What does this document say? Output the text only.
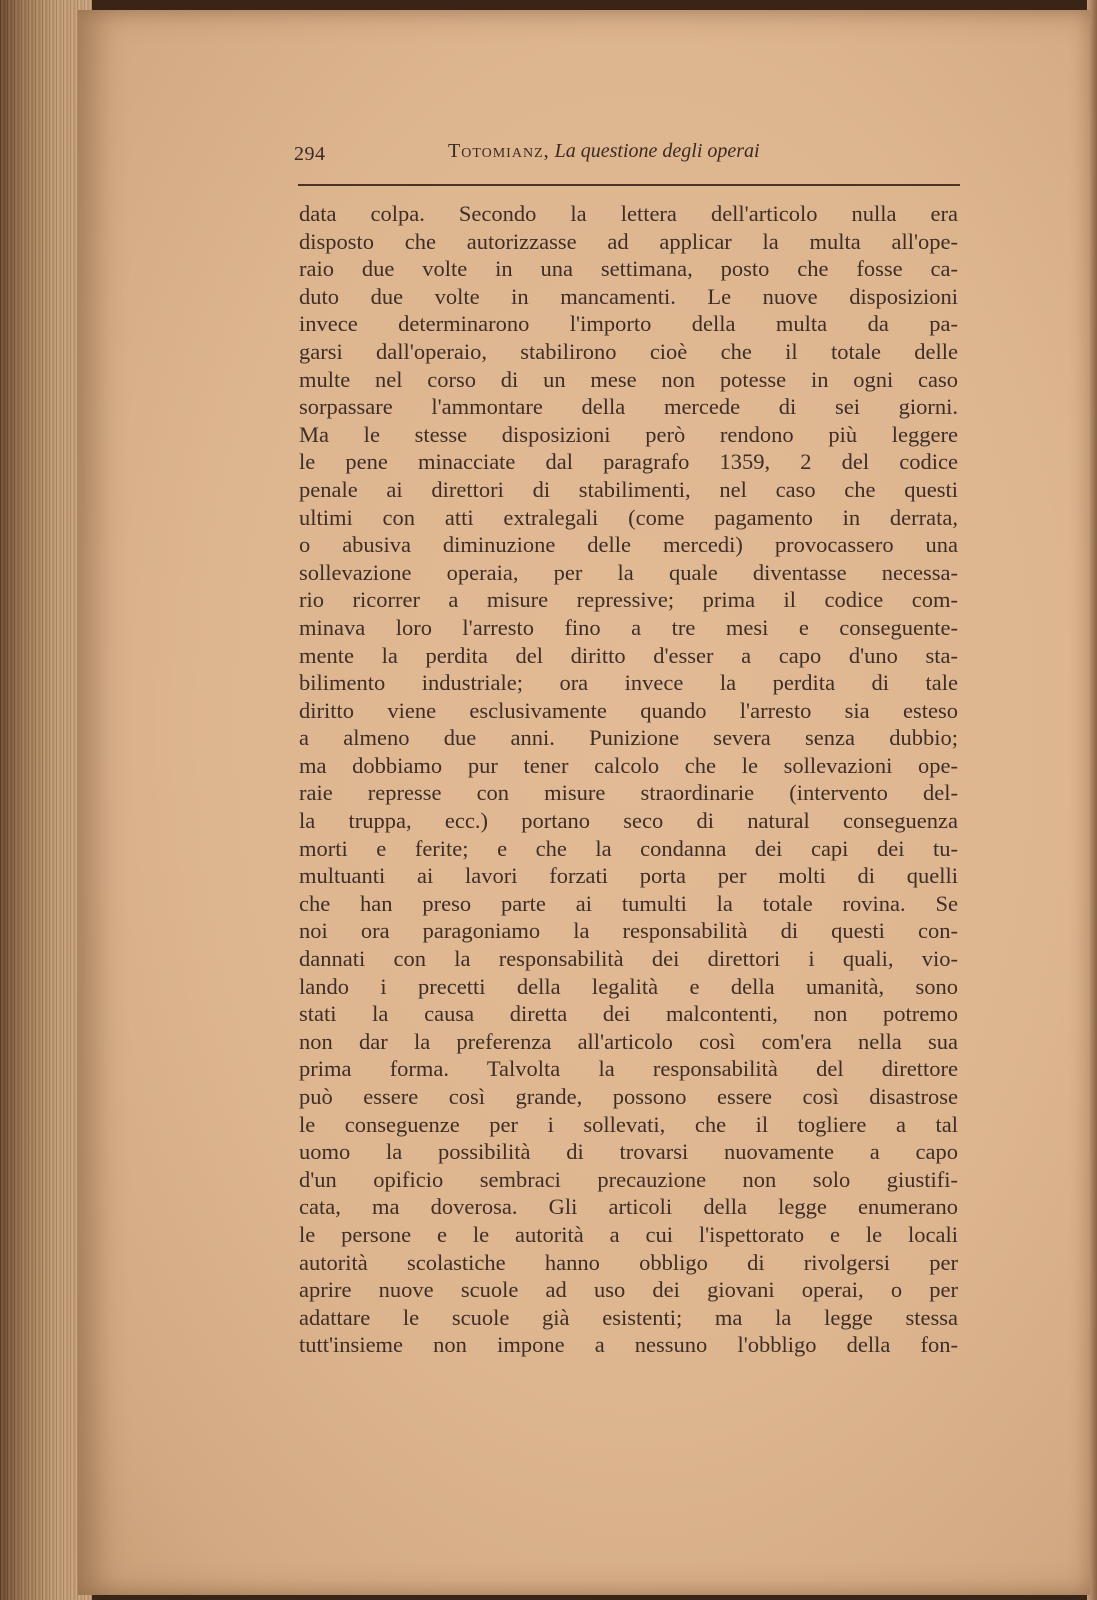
294	Totomianz, La questione degli operai
data colpa. Secondo la lettera dell'articolo nulla era
disposto che autorizzasse ad applicar la multa all'ope-
raio due volte in una settimana, posto che fosse ca-
duto due volte in mancamenti. Le nuove disposizioni
invece determinarono l'importo della multa da pa-
garsi dall'operaio, stabilirono cioè che il totale delle
multe nel corso di un mese non potesse in ogni caso
sorpassare l'ammontare della mercede di sei giorni.
Ma le stesse disposizioni però rendono più leggere
le pene minacciate dal paragrafo 1359, 2 del codice
penale ai direttori di stabilimenti, nel caso che questi
ultimi con atti extralegali (come pagamento in derrata,
o abusiva diminuzione delle mercedi) provocassero una
sollevazione operaia, per la quale diventasse necessa-
rio ricorrer a misure repressive; prima il codice com-
minava loro l'arresto fino a tre mesi e conseguente-
mente la perdita del diritto d'esser a capo d'uno sta-
bilimento industriale; ora invece la perdita di tale
diritto viene esclusivamente quando l'arresto sia esteso
a almeno due anni. Punizione severa senza dubbio;
ma dobbiamo pur tener calcolo che le sollevazioni ope-
raie represse con misure straordinarie (intervento del-
la truppa, ecc.) portano seco di natural conseguenza
morti e ferite; e che la condanna dei capi dei tu-
multuanti ai lavori forzati porta per molti di quelli
che han preso parte ai tumulti la totale rovina. Se
noi ora paragoniamo la responsabilità di questi con-
dannati con la responsabilità dei direttori i quali, vio-
lando i precetti della legalità e della umanità, sono
stati la causa diretta dei malcontenti, non potremo
non dar la preferenza all'articolo così com'era nella sua
prima forma. Talvolta la responsabilità del direttore
può essere così grande, possono essere così disastrose
le conseguenze per i sollevati, che il togliere a tal
uomo la possibilità di trovarsi nuovamente a capo
d'un opificio sembraci precauzione non solo giustifi-
cata, ma doverosa. Gli articoli della legge enumerano
le persone e le autorità a cui l'ispettorato e le locali
autorità scolastiche hanno obbligo di rivolgersi per
aprire nuove scuole ad uso dei giovani operai, o per
adattare le scuole già esistenti; ma la legge stessa
tutt'insieme non impone a nessuno l'obbligo della fon-
